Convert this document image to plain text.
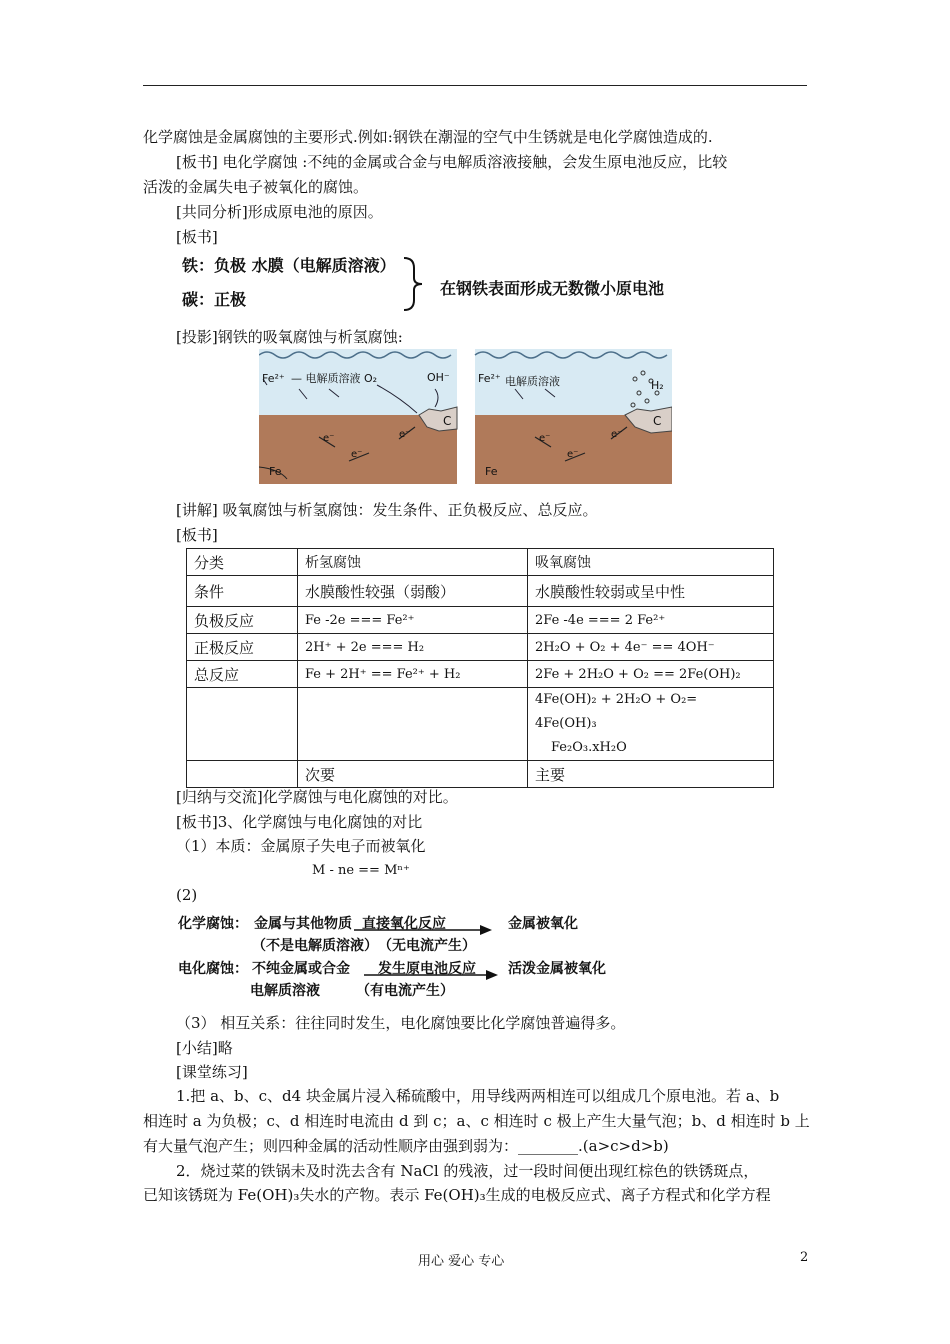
化学腐蚀是金属腐蚀的主要形式.例如:钢铁在潮湿的空气中生锈就是电化学腐蚀造成的.
[板书] 电化学腐蚀 :不纯的金属或合金与电解质溶液接触，会发生原电池反应，比较
活泼的金属失电子被氧化的腐蚀。
[共同分析]形成原电池的原因。
[板书]
铁：负极 水膜（电解质溶液）
碳：正极
在钢铁表面形成无数微小原电池
[投影]钢铁的吸氧腐蚀与析氢腐蚀:
Fe²⁺ — 电解质溶液 O₂	OH⁻
e⁻
e⁻
e⁻
C
Fe
Fe²⁺ 电解质溶液	H₂
e⁻
e⁻
e⁻
C
Fe
[讲解] 吸氧腐蚀与析氢腐蚀：发生条件、正负极反应、总反应。
[板书]
分类	析氢腐蚀	吸氧腐蚀
条件	水膜酸性较强（弱酸）	水膜酸性较弱或呈中性
负极反应	Fe -2e === Fe²⁺	2Fe -4e === 2 Fe²⁺
正极反应	2H⁺ + 2e === H₂	2H₂O + O₂ + 4e⁻ == 4OH⁻
总反应	Fe + 2H⁺ == Fe²⁺ + H₂	2Fe + 2H₂O + O₂ == 2Fe(OH)₂

		4Fe(OH)₂ + 2H₂O + O₂=
4Fe(OH)₃
Fe₂O₃.xH₂O

	次要	主要
[归纳与交流]化学腐蚀与电化腐蚀的对比。
[板书]3、化学腐蚀与电化腐蚀的对比
（1）本质：金属原子失电子而被氧化
M - ne == Mⁿ⁺
(2)
化学腐蚀： 金属与其他物质 直接氧化反应	金属被氧化
（不是电解质溶液） （无电流产生）
电化腐蚀： 不纯金属或合金 发生原电池反应 活泼金属被氧化
电解质溶液	（有电流产生）
（3） 相互关系：往往同时发生，电化腐蚀要比化学腐蚀普遍得多。
[小结]略
[课堂练习]
1.把 a、b、c、d4 块金属片浸入稀硫酸中，用导线两两相连可以组成几个原电池。若 a、b
相连时 a 为负极；c、d 相连时电流由 d 到 c；a、c 相连时 c 极上产生大量气泡；b、d 相连时 b 上
有大量气泡产生；则四种金属的活动性顺序由强到弱为：________.(a>c>d>b)
2．烧过菜的铁锅未及时洗去含有 NaCl 的残液，过一段时间便出现红棕色的铁锈斑点，
已知该锈斑为 Fe(OH)₃失水的产物。表示 Fe(OH)₃生成的电极反应式、离子方程式和化学方程
用心 爱心 专心	2
